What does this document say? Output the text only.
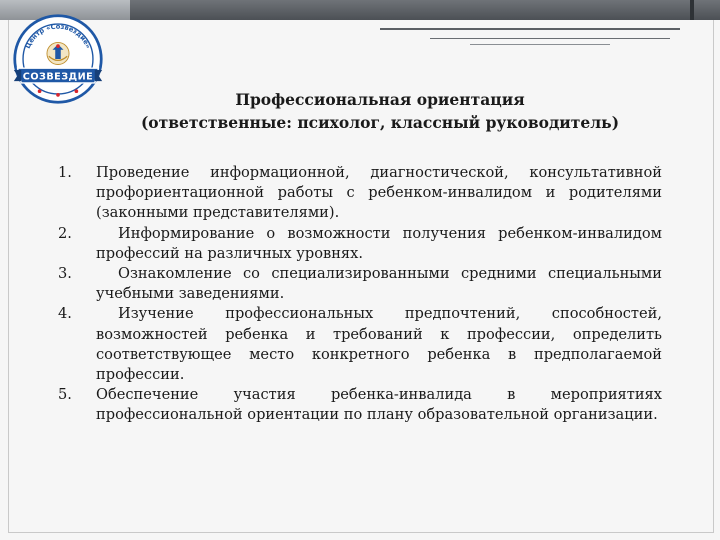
Центр «Созвездие»
СОЗВЕЗДИЕ
Профессиональная ориентация
(ответственные: психолог, классный руководитель)
1.	Проведение информационной, диагностической, консультативной профориентационной работы с ребенком-инвалидом и родителями (законными представителями).
2.	Информирование о возможности получения ребенком-инвалидом профессий на различных уровнях.
3.	Ознакомление со специализированными средними специальными учебными заведениями.
4.	Изучение профессиональных предпочтений, способностей, возможностей ребенка и требований к профессии, определить соответствующее место конкретного ребенка в предполагаемой профессии.
5.	Обеспечение участия ребенка-инвалида в мероприятиях профессиональной ориентации по плану образовательной организации.
